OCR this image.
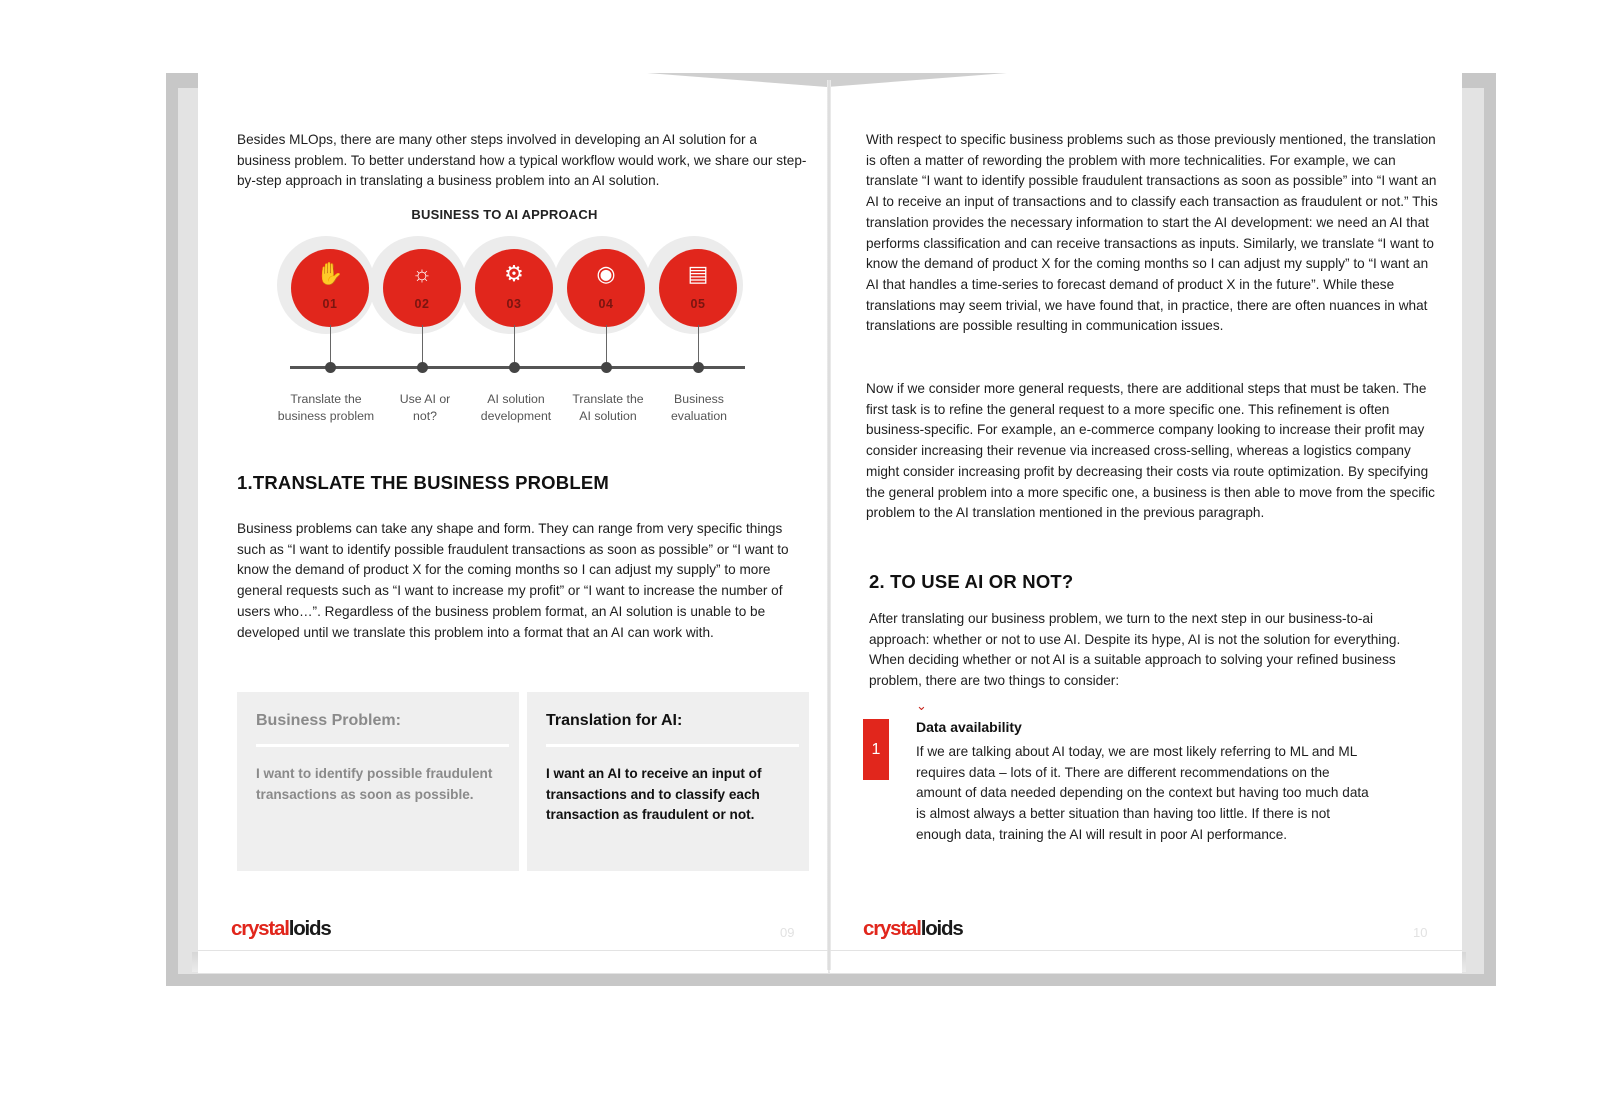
Besides MLOps, there are many other steps involved in developing an AI solution for a business problem. To better understand how a typical workflow would work, we share our step-by-step approach in translating a business problem into an AI solution.

BUSINESS TO AI APPROACH
✋
01
☼
02
⚙
03
◉
04
▤
05
Translate the
business problem
Use AI or
not?
AI solution
development
Translate the
AI solution
Business
evaluation
1.TRANSLATE THE BUSINESS PROBLEM

Business problems can take any shape and form. They can range from very specific things such as “I want to identify possible fraudulent transactions as soon as possible” or “I want to know the demand of product X for the coming months so I can adjust my supply” to more general requests such as “I want to increase my profit” or “I want to increase the number of users who…”. Regardless of the business problem format, an AI solution is unable to be developed until we translate this problem into a format that an AI can work with.

Business Problem:

I want to identify possible fraudulent transactions as soon as possible.

Translation for AI:

I want an AI to receive an input of transactions and to classify each transaction as fraudulent or not.

crystalloids	09

With respect to specific business problems such as those previously mentioned, the translation is often a matter of rewording the problem with more technicalities. For example, we can translate “I want to identify possible fraudulent transactions as soon as possible” into “I want an AI to receive an input of transactions and to classify each transaction as fraudulent or not.” This translation provides the necessary information to start the AI development: we need an AI that performs classification and can receive transactions as inputs. Similarly, we translate “I want to know the demand of product X for the coming months so I can adjust my supply” to “I want an AI that handles a time-series to forecast demand of product X in the future”. While these translations may seem trivial, we have found that, in practice, there are often nuances in what translations are possible resulting in communication issues.

Now if we consider more general requests, there are additional steps that must be taken. The first task is to refine the general request to a more specific one. This refinement is often business-specific. For example, an e-commerce company looking to increase their profit may consider increasing their revenue via increased cross-selling, whereas a logistics company might consider increasing profit by decreasing their costs via route optimization. By specifying the general problem into a more specific one, a business is then able to move from the specific problem to the AI translation mentioned in the previous paragraph.

2. TO USE AI OR NOT?

After translating our business problem, we turn to the next step in our business-to-ai approach: whether or not to use AI. Despite its hype, AI is not the solution for everything. When deciding whether or not AI is a suitable approach to solving your refined business problem, there are two things to consider:

⌄
1
Data availability

If we are talking about AI today, we are most likely referring to ML and ML requires data – lots of it. There are different recommendations on the amount of data needed depending on the context but having too much data is almost always a better situation than having too little. If there is not enough data, training the AI will result in poor AI performance.

crystalloids	10
